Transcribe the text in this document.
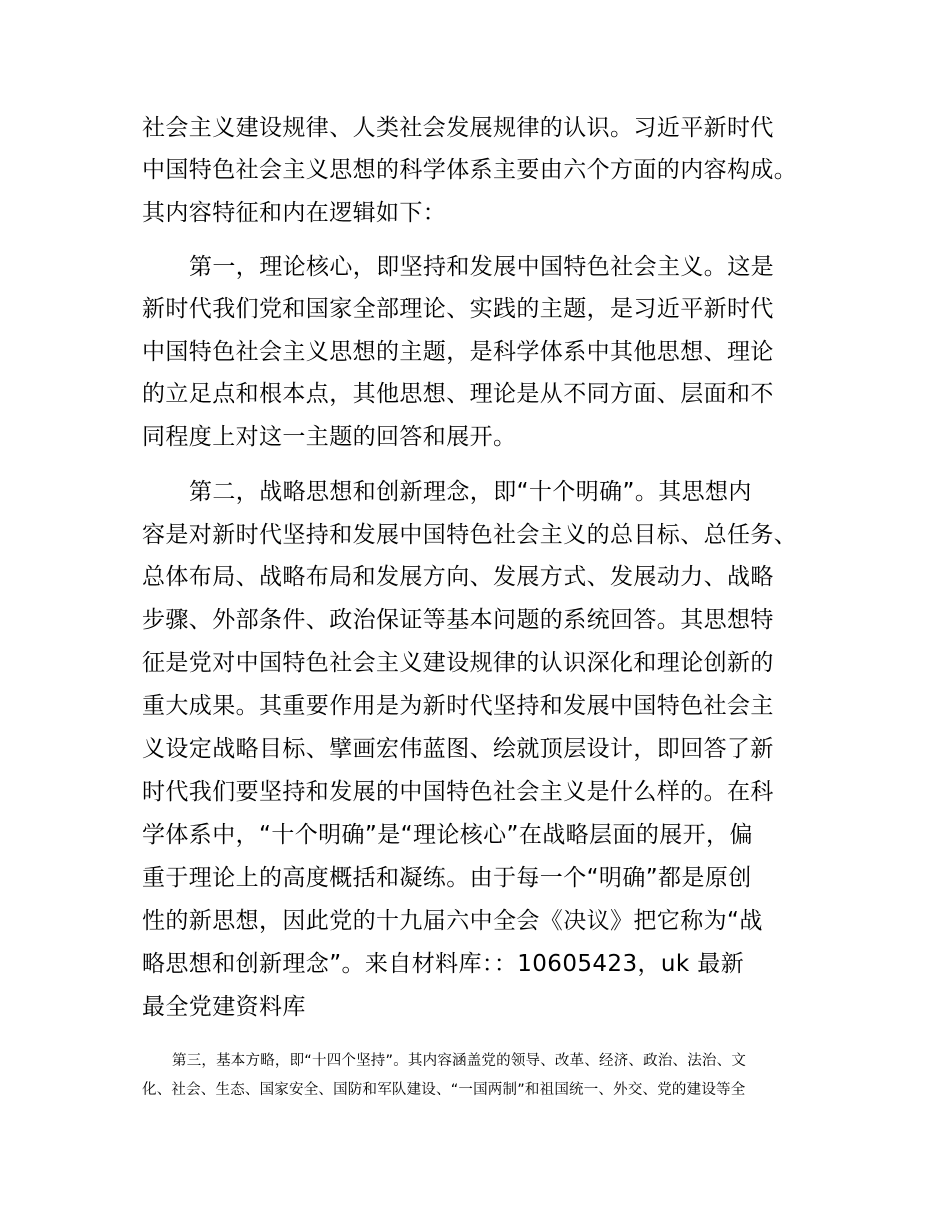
社会主义建设规律、人类社会发展规律的认识。习近平新时代

中国特色社会主义思想的科学体系主要由六个方面的内容构成。

其内容特征和内在逻辑如下：

第一，理论核心，即坚持和发展中国特色社会主义。这是

新时代我们党和国家全部理论、实践的主题，是习近平新时代

中国特色社会主义思想的主题，是科学体系中其他思想、理论

的立足点和根本点，其他思想、理论是从不同方面、层面和不

同程度上对这一主题的回答和展开。

第二，战略思想和创新理念，即“十个明确”。其思想内

容是对新时代坚持和发展中国特色社会主义的总目标、总任务、

总体布局、战略布局和发展方向、发展方式、发展动力、战略

步骤、外部条件、政治保证等基本问题的系统回答。其思想特

征是党对中国特色社会主义建设规律的认识深化和理论创新的

重大成果。其重要作用是为新时代坚持和发展中国特色社会主

义设定战略目标、擘画宏伟蓝图、绘就顶层设计，即回答了新

时代我们要坚持和发展的中国特色社会主义是什么样的。在科

学体系中，“十个明确”是“理论核心”在战略层面的展开，偏

重于理论上的高度概括和凝练。由于每一个“明确”都是原创

性的新思想，因此党的十九届六中全会《决议》把它称为“战

略思想和创新理念”。来自材料库：：10605423，uk 最新

最全党建资料库

第三，基本方略，即“十四个坚持”。其内容涵盖党的领导、改革、经济、政治、法治、文

化、社会、生态、国家安全、国防和军队建设、“一国两制”和祖国统一、外交、党的建设等全
